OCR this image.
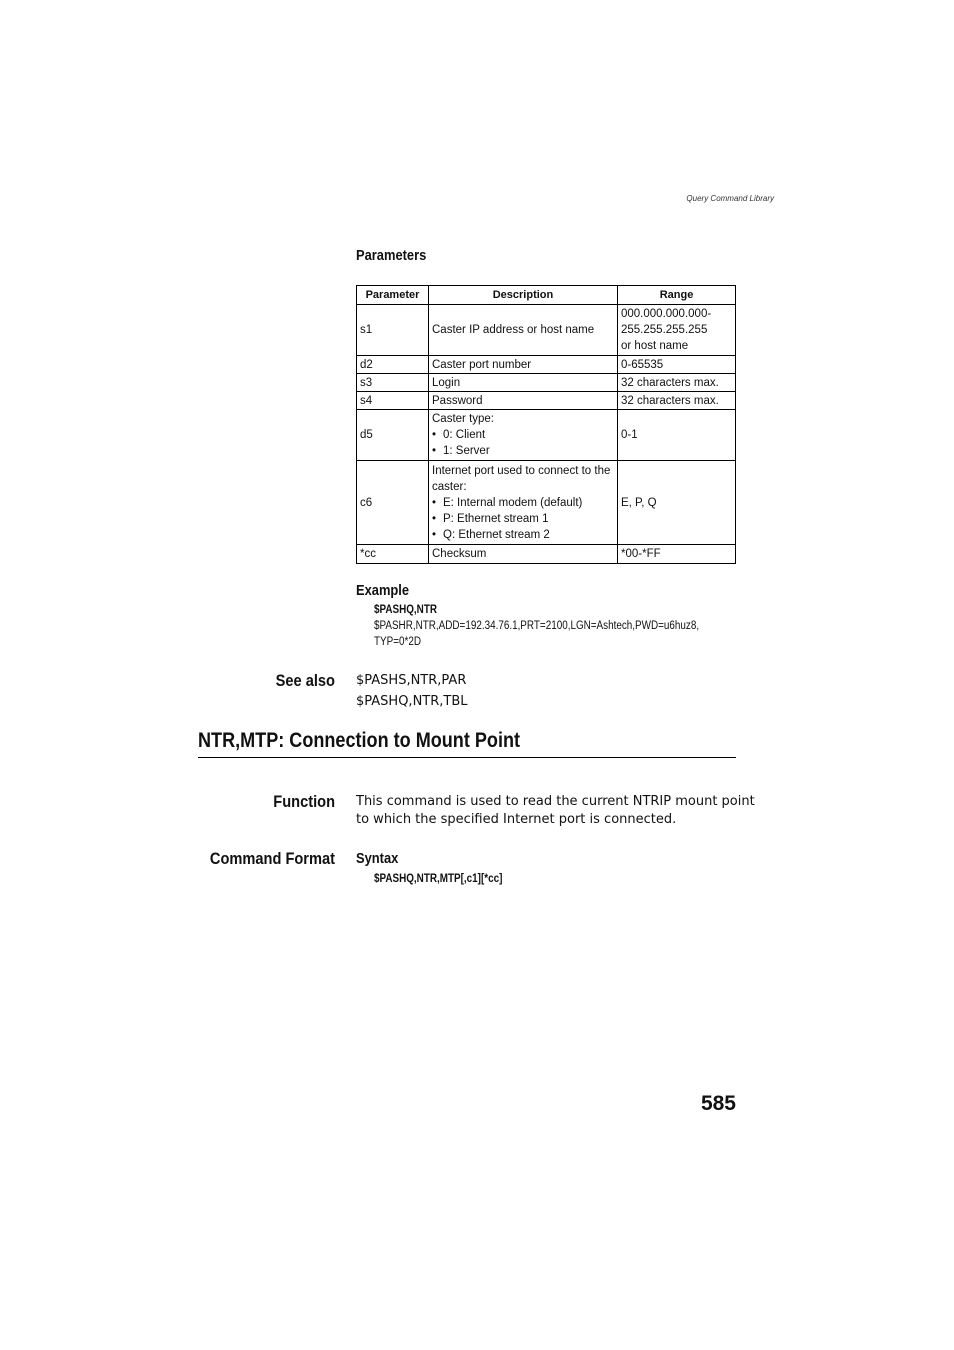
Query Command Library
Parameters
Parameter	Description	Range
s1	Caster IP address or host name	000.000.000.000-
255.255.255.255
or host name

d2	Caster port number	0-65535

s3	Login	32 characters max.

s4	Password	32 characters max.

d5	Caster type:
• 0: Client
• 1: Server	0-1

c6	Internet port used to connect to the
caster:
• E: Internal modem (default)
• P: Ethernet stream 1
• Q: Ethernet stream 2	E, P, Q

*cc	Checksum	*00-*FF
Example
$PASHQ,NTR
$PASHR,NTR,ADD=192.34.76.1,PRT=2100,LGN=Ashtech,PWD=u6huz8,
TYP=0*2D
See also $PASHS,NTR,PAR
$PASHQ,NTR,TBL
NTR,MTP: Connection to Mount Point
Function This command is used to read the current NTRIP mount point
to which the specified Internet port is connected.
Command Format Syntax
$PASHQ,NTR,MTP[,c1][*cc]
585
